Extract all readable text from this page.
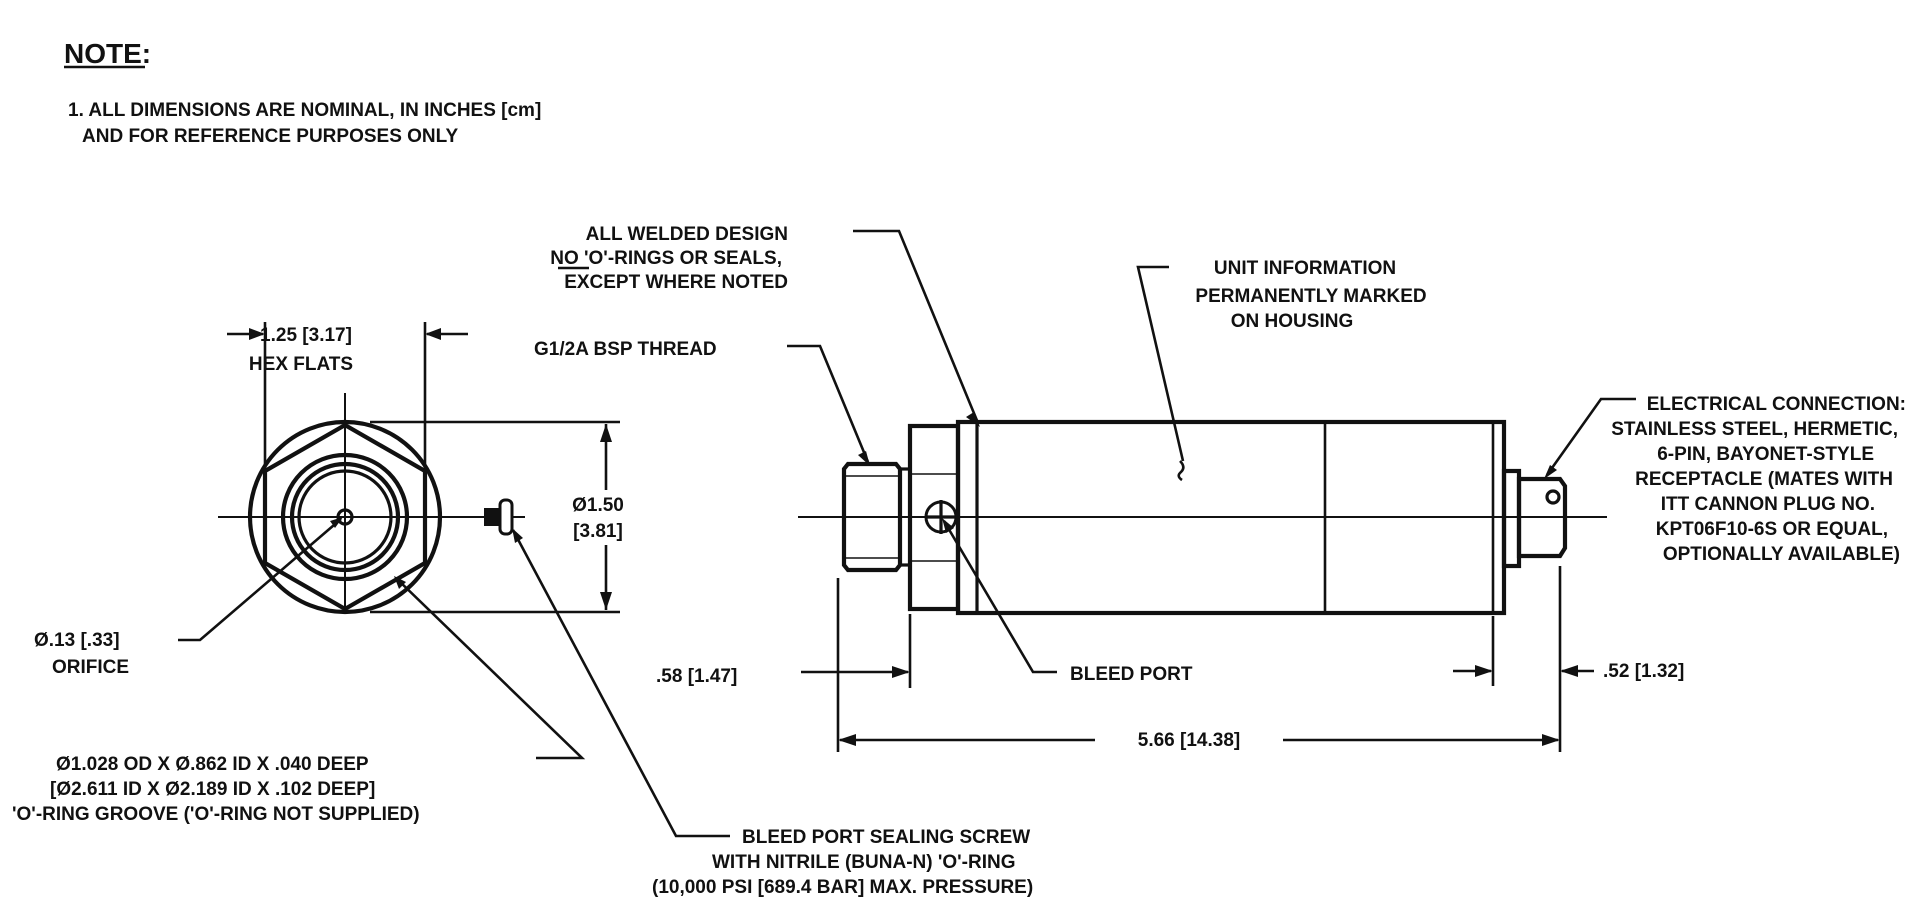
NOTE:
1. ALL DIMENSIONS ARE NOMINAL, IN INCHES [cm]
AND FOR REFERENCE PURPOSES ONLY
1.25 [3.17]
HEX FLATS
Ø1.50
[3.81]
Ø.13 [.33]
ORIFICE
Ø1.028 OD X Ø.862 ID X .040 DEEP
[Ø2.611 ID X Ø2.189 ID X .102 DEEP]
'O'-RING GROOVE ('O'-RING NOT SUPPLIED)
BLEED PORT SEALING SCREW
WITH NITRILE (BUNA-N) 'O'-RING
(10,000 PSI [689.4 BAR] MAX. PRESSURE)
ALL WELDED DESIGN
NO 'O'-RINGS OR SEALS,
EXCEPT WHERE NOTED
UNIT INFORMATION
PERMANENTLY MARKED
ON HOUSING
G1/2A BSP THREAD
ELECTRICAL CONNECTION:
STAINLESS STEEL, HERMETIC,
6-PIN, BAYONET-STYLE
RECEPTACLE (MATES WITH
ITT CANNON PLUG NO.
KPT06F10-6S OR EQUAL,
OPTIONALLY AVAILABLE)
BLEED PORT
.58 [1.47]	.52 [1.32]
5.66 [14.38]
